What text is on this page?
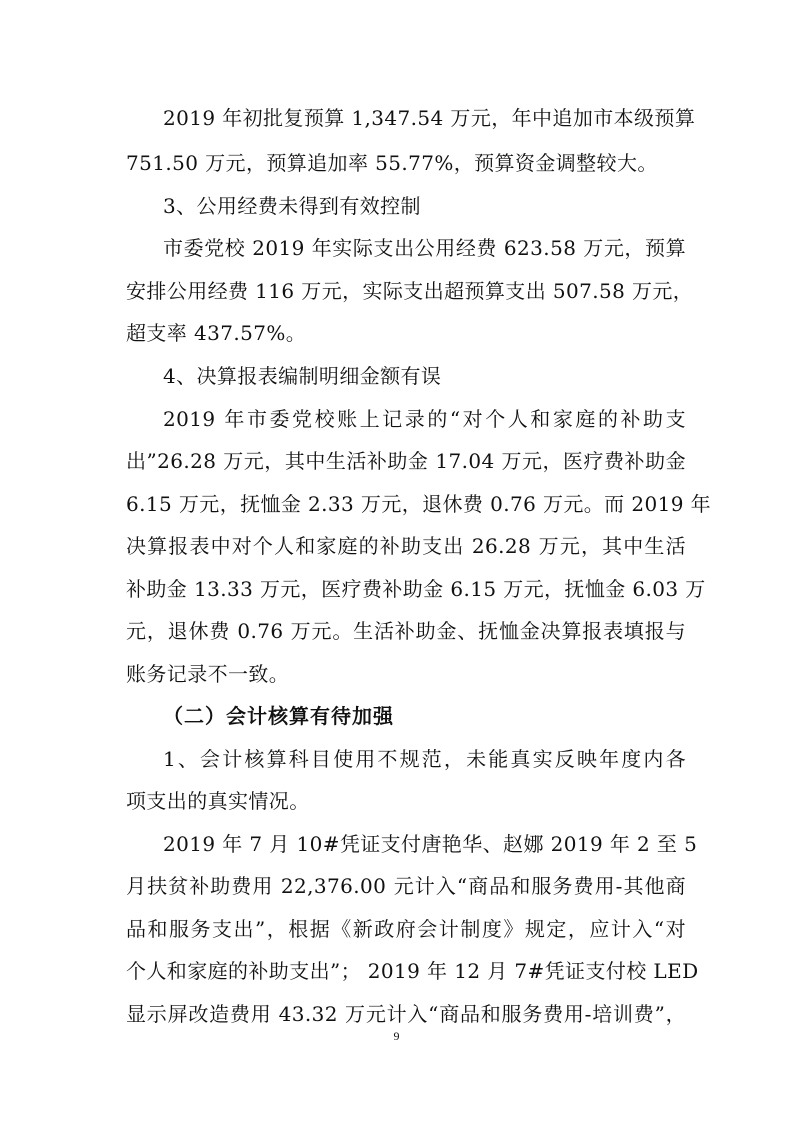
2019 年初批复预算 1,347.54 万元，年中追加市本级预算
751.50 万元，预算追加率 55.77%，预算资金调整较大。
3、公用经费未得到有效控制
市委党校 2019 年实际支出公用经费 623.58 万元，预算
安排公用经费 116 万元，实际支出超预算支出 507.58 万元，
超支率 437.57%。
4、决算报表编制明细金额有误
2019 年市委党校账上记录的“对个人和家庭的补助支
出”26.28 万元，其中生活补助金 17.04 万元，医疗费补助金
6.15 万元，抚恤金 2.33 万元，退休费 0.76 万元。而 2019 年
决算报表中对个人和家庭的补助支出 26.28 万元，其中生活
补助金 13.33 万元，医疗费补助金 6.15 万元，抚恤金 6.03 万
元，退休费 0.76 万元。生活补助金、抚恤金决算报表填报与
账务记录不一致。
（二）会计核算有待加强
1、会计核算科目使用不规范，未能真实反映年度内各
项支出的真实情况。
2019 年 7 月 10#凭证支付唐艳华、赵娜 2019 年 2 至 5
月扶贫补助费用 22,376.00 元计入“商品和服务费用-其他商
品和服务支出”，根据《新政府会计制度》规定，应计入“对
个人和家庭的补助支出”； 2019 年 12 月 7#凭证支付校 LED
显示屏改造费用 43.32 万元计入“商品和服务费用-培训费”，
9
